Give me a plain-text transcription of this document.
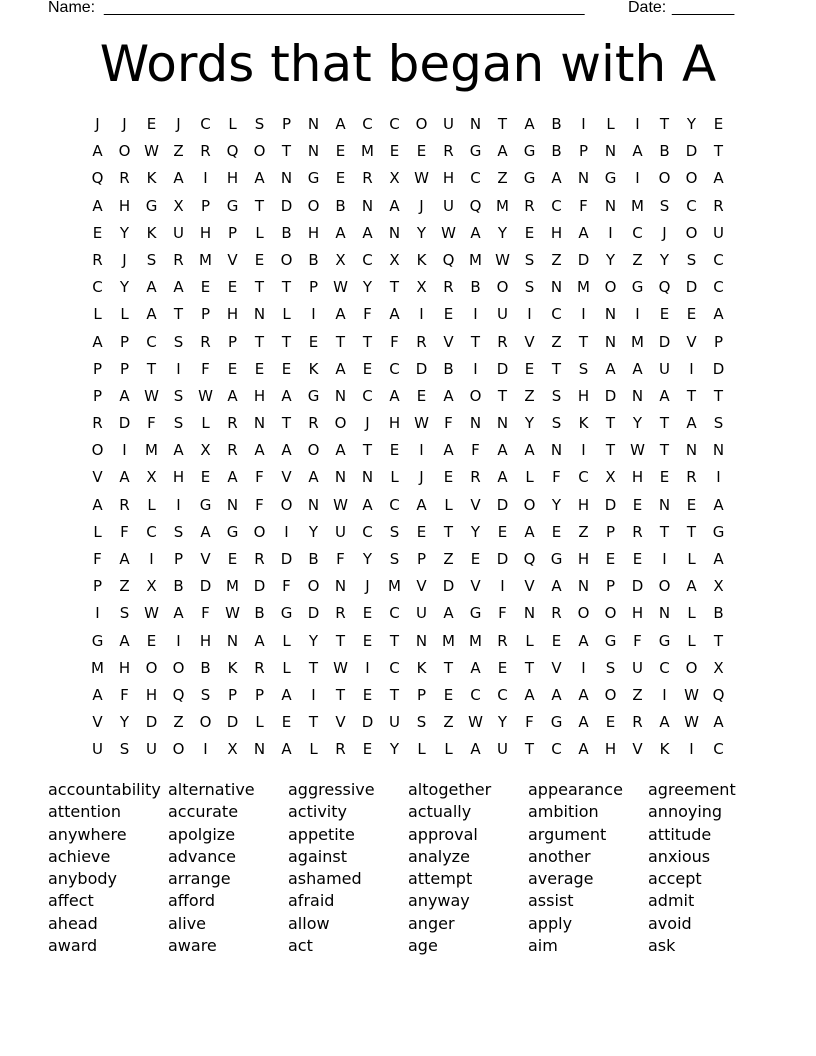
Name: ______________________________________________________	Date: _______
Words that began with A
J	J	E	J	C	L	S	P	N	A	C	C	O	U	N	T	A	B	I	L	I	T	Y	E
A	O W Z	R	Q	O	T	N	E	M	E	E	R	G	A	G	B	P	N	A	B	D	T
Q	R	K	A	I	H	A	N	G	E	R	X W H	C	Z	G	A	N	G	I	O	O	A
A	H	G	X	P	G	T	D	O	B	N	A	J	U	Q M	R	C	F	N M	S	C	R
E	Y	K	U	H	P	L	B	H	A	A	N	Y	W A	Y	E	H	A	I	C	J	O	U
R	J	S	R	M	V	E	O	B	X	C	X	K	Q M W S	Z	D	Y	Z	Y	S	C
C	Y	A	A	E	E	T	T	P	W Y	T	X	R	B	O	S	N M O	G	Q	D	C
L	L	A	T	P	H	N	L	I	A	F	A	I	E	I	U	I	C	I	N	I	E	E	A
A	P	C	S	R	P	T	T	E	T	T	F	R	V	T	R	V	Z	T	N M D	V	P
P	P	T	I	F	E	E	E	K	A	E	C	D	B	I	D	E	T	S	A	A	U	I	D
P	A W S W A	H	A	G	N	C	A	E	A	O	T	Z	S	H	D	N	A	T	T
R	D	F	S	L	R	N	T	R	O	J	H W	F	N	N	Y	S	K	T	Y	T	A	S
O	I	M	A	X	R	A	A	O	A	T	E	I	A	F	A	A	N	I	T	W T	N	N
V	A	X	H	E	A	F	V	A	N	N	L	J	E	R	A	L	F	C	X	H	E	R	I
A	R	L	I	G	N	F	O	N W A	C	A	L	V	D	O	Y	H	D	E	N	E	A
L	F	C	S	A	G	O	I	Y	U	C	S	E	T	Y	E	A	E	Z	P	R	T	T	G
F	A	I	P	V	E	R	D	B	F	Y	S	P	Z	E	D	Q	G	H	E	E	I	L	A
P	Z	X	B	D M D	F	O	N	J	M	V	D	V	I	V	A	N	P	D	O	A	X
I	S W A	F	W B	G	D	R	E	C	U	A	G	F	N	R	O	O	H	N	L	B
G	A	E	I	H	N	A	L	Y	T	E	T	N M M	R	L	E	A	G	F	G	L	T
M H	O	O	B	K	R	L	T	W	I	C	K	T	A	E	T	V	I	S	U	C	O	X
A	F	H	Q	S	P	P	A	I	T	E	T	P	E	C	C	A	A	A	O	Z	I	W Q
V	Y	D	Z	O	D	L	E	T	V	D	U	S	Z W Y	F	G	A	E	R	A W A
U	S	U	O	I	X	N	A	L	R	E	Y	L	L	A	U	T	C	A	H	V	K	I	C
accountability
attention
anywhere
achieve
anybody
affect
ahead
award
alternative
accurate
apolgize
advance
arrange
afford
alive
aware
aggressive
activity
appetite
against
ashamed
afraid
allow
act
altogether
actually
approval
analyze
attempt
anyway
anger
age
appearance
ambition
argument
another
average
assist
apply
aim
agreement
annoying
attitude
anxious
accept
admit
avoid
ask
